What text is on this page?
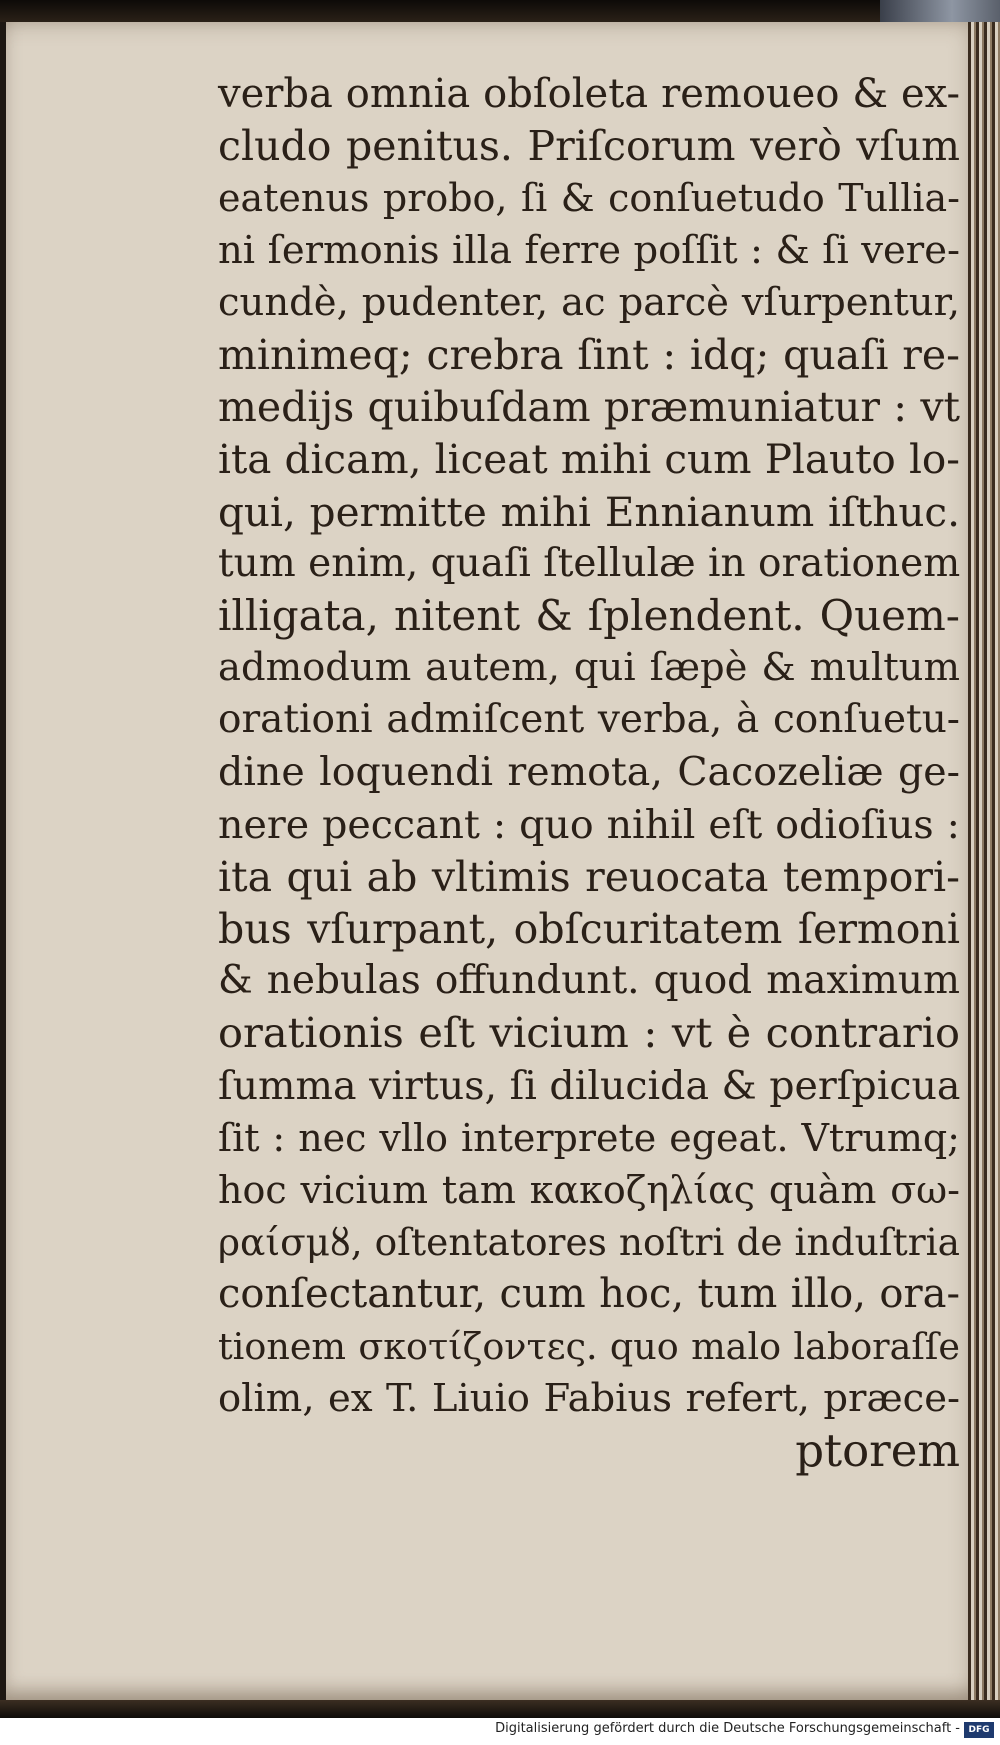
verba omnia obſoleta remoueo & ex-
cludo penitus. Priſcorum verò vſum
eatenus probo, ſi & conſuetudo Tullia-
ni ſermonis illa ferre poſſit : & ſi vere-
cundè, pudenter, ac parcè vſurpentur,
minimeq; crebra ſint : idq; quaſi re-
medijs quibuſdam præmuniatur : vt
ita dicam, liceat mihi cum Plauto lo-
qui, permitte mihi Ennianum iſthuc.
tum enim, quaſi ſtellulæ in orationem
illigata, nitent & ſplendent. Quem-
admodum autem, qui ſæpè & multum
orationi admiſcent verba, à conſuetu-
dine loquendi remota, Cacozeliæ ge-
nere peccant : quo nihil eſt odioſius :
ita qui ab vltimis reuocata tempori-
bus vſurpant, obſcuritatem ſermoni
& nebulas offundunt. quod maximum
orationis eſt vicium : vt è contrario
ſumma virtus, ſi dilucida & perſpicua
ſit : nec vllo interprete egeat. Vtrumq;
hoc vicium tam κακοζηλίας quàm σω-
ραίσμȣ, oſtentatores noſtri de induſtria
conſectantur, cum hoc, tum illo, ora-
tionem σκοτίζοντες. quo malo laboraſſe
olim, ex T. Liuio Fabius refert, præce-
ptorem
Digitalisierung gefördert durch die Deutsche Forschungsgemeinschaft - DFG
